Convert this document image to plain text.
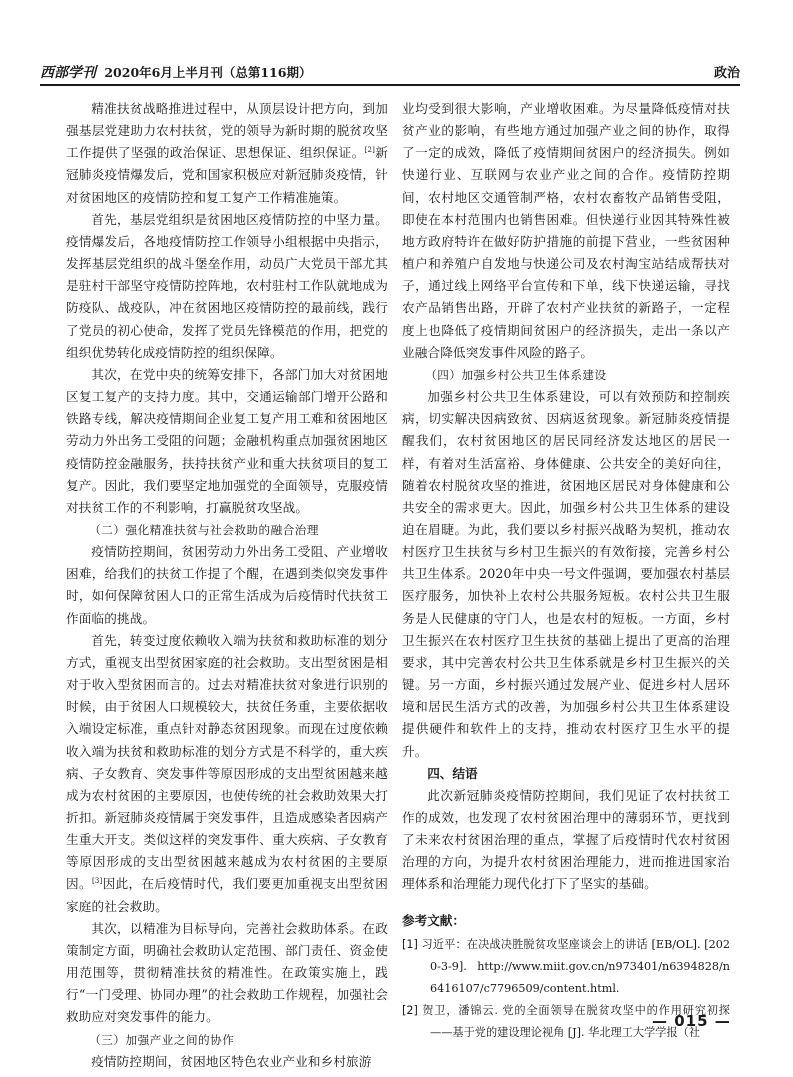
西部学刊 2020年6月上半月刊（总第116期）	政治

精准扶贫战略推进过程中，从顶层设计把方向，到加强基层党建助力农村扶贫，党的领导为新时期的脱贫攻坚工作提供了坚强的政治保证、思想保证、组织保证。[2]新冠肺炎疫情爆发后，党和国家积极应对新冠肺炎疫情，针对贫困地区的疫情防控和复工复产工作精准施策。

首先，基层党组织是贫困地区疫情防控的中坚力量。疫情爆发后，各地疫情防控工作领导小组根据中央指示，发挥基层党组织的战斗堡垒作用，动员广大党员干部尤其是驻村干部坚守疫情防控阵地，农村驻村工作队就地成为防疫队、战疫队，冲在贫困地区疫情防控的最前线，践行了党员的初心使命，发挥了党员先锋模范的作用，把党的组织优势转化成疫情防控的组织保障。

其次，在党中央的统筹安排下，各部门加大对贫困地区复工复产的支持力度。其中，交通运输部门增开公路和铁路专线，解决疫情期间企业复工复产用工难和贫困地区劳动力外出务工受阻的问题；金融机构重点加强贫困地区疫情防控金融服务，扶持扶贫产业和重大扶贫项目的复工复产。因此，我们要坚定地加强党的全面领导，克服疫情对扶贫工作的不利影响，打赢脱贫攻坚战。

（二）强化精准扶贫与社会救助的融合治理

疫情防控期间，贫困劳动力外出务工受阻、产业增收困难，给我们的扶贫工作提了个醒，在遇到类似突发事件时，如何保障贫困人口的正常生活成为后疫情时代扶贫工作面临的挑战。

首先，转变过度依赖收入端为扶贫和救助标准的划分方式，重视支出型贫困家庭的社会救助。支出型贫困是相对于收入型贫困而言的。过去对精准扶贫对象进行识别的时候，由于贫困人口规模较大，扶贫任务重，主要依据收入端设定标准，重点针对静态贫困现象。而现在过度依赖收入端为扶贫和救助标准的划分方式是不科学的，重大疾病、子女教育、突发事件等原因形成的支出型贫困越来越成为农村贫困的主要原因，也使传统的社会救助效果大打折扣。新冠肺炎疫情属于突发事件，且造成感染者因病产生重大开支。类似这样的突发事件、重大疾病、子女教育等原因形成的支出型贫困越来越成为农村贫困的主要原因。[3]因此，在后疫情时代，我们要更加重视支出型贫困家庭的社会救助。

其次，以精准为目标导向，完善社会救助体系。在政策制定方面，明确社会救助认定范围、部门责任、资金使用范围等，贯彻精准扶贫的精准性。在政策实施上，践行“一门受理、协同办理”的社会救助工作规程，加强社会救助应对突发事件的能力。

（三）加强产业之间的协作

疫情防控期间，贫困地区特色农业产业和乡村旅游

业均受到很大影响，产业增收困难。为尽量降低疫情对扶贫产业的影响，有些地方通过加强产业之间的协作，取得了一定的成效，降低了疫情期间贫困户的经济损失。例如快递行业、互联网与农业产业之间的合作。疫情防控期间，农村地区交通管制严格，农村农畜牧产品销售受阻，即使在本村范围内也销售困难。但快递行业因其特殊性被地方政府特许在做好防护措施的前提下营业，一些贫困种植户和养殖户自发地与快递公司及农村淘宝站结成帮扶对子，通过线上网络平台宣传和下单，线下快递运输，寻找农产品销售出路，开辟了农村产业扶贫的新路子，一定程度上也降低了疫情期间贫困户的经济损失，走出一条以产业融合降低突发事件风险的路子。

（四）加强乡村公共卫生体系建设

加强乡村公共卫生体系建设，可以有效预防和控制疾病，切实解决因病致贫、因病返贫现象。新冠肺炎疫情提醒我们，农村贫困地区的居民同经济发达地区的居民一样，有着对生活富裕、身体健康、公共安全的美好向往，随着农村脱贫攻坚的推进，贫困地区居民对身体健康和公共安全的需求更大。因此，加强乡村公共卫生体系的建设迫在眉睫。为此，我们要以乡村振兴战略为契机，推动农村医疗卫生扶贫与乡村卫生振兴的有效衔接，完善乡村公共卫生体系。2020年中央一号文件强调，要加强农村基层医疗服务，加快补上农村公共服务短板。农村公共卫生服务是人民健康的守门人，也是农村的短板。一方面，乡村卫生振兴在农村医疗卫生扶贫的基础上提出了更高的治理要求，其中完善农村公共卫生体系就是乡村卫生振兴的关键。另一方面，乡村振兴通过发展产业、促进乡村人居环境和居民生活方式的改善，为加强乡村公共卫生体系建设提供硬件和软件上的支持，推动农村医疗卫生水平的提升。

四、结语

此次新冠肺炎疫情防控期间，我们见证了农村扶贫工作的成效，也发现了农村贫困治理中的薄弱环节，更找到了未来农村贫困治理的重点，掌握了后疫情时代农村贫困治理的方向，为提升农村贫困治理能力，进而推进国家治理体系和治理能力现代化打下了坚实的基础。

参考文献：

[1] 习近平：在决战决胜脱贫攻坚座谈会上的讲话 [EB/OL]. [2020-3-9]. http://www.miit.gov.cn/n973401/n6394828/n6416107/c7796509/content.html.

[2] 贺卫，潘锦云. 党的全面领导在脱贫攻坚中的作用研究初探——基于党的建设理论视角 [J]. 华北理工大学学报（社

— 015 —
